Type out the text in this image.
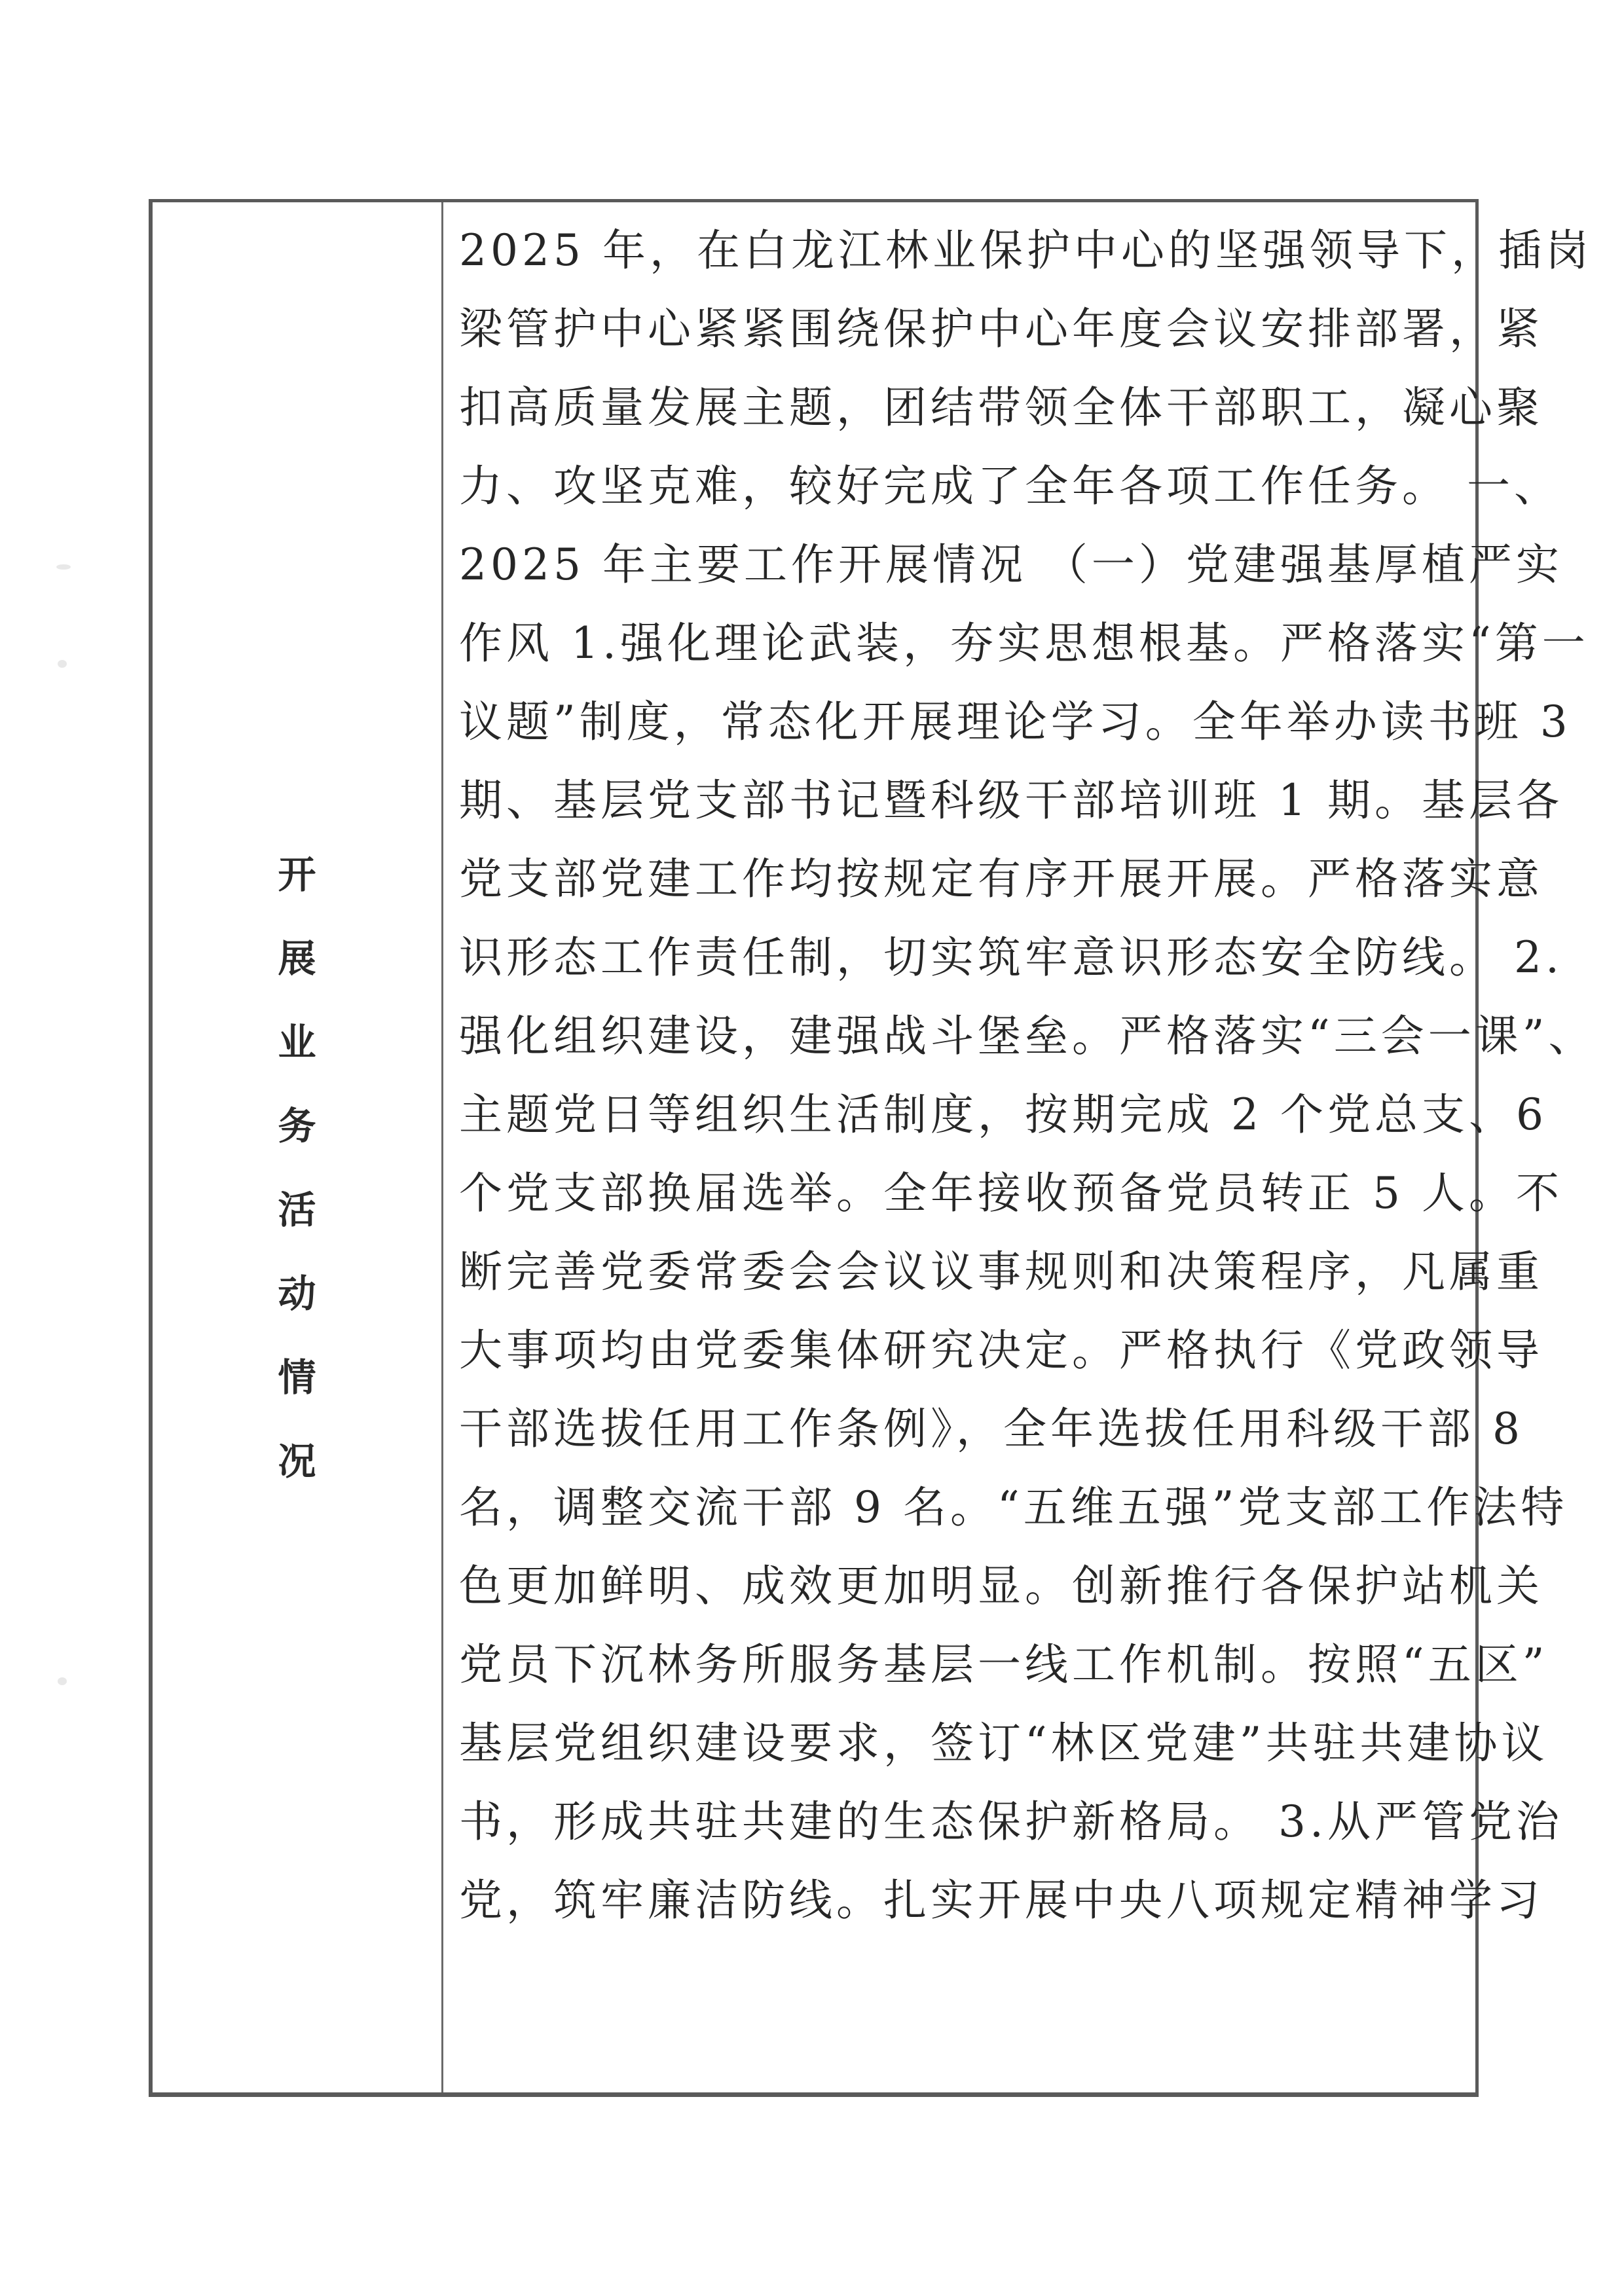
开
展
业
务
活
动
情
况

2025 年，在白龙江林业保护中心的坚强领导下，插岗
梁管护中心紧紧围绕保护中心年度会议安排部署，紧
扣高质量发展主题，团结带领全体干部职工，凝心聚
力、攻坚克难，较好完成了全年各项工作任务。 一、
2025 年主要工作开展情况 （一）党建强基厚植严实
作风 1.强化理论武装，夯实思想根基。严格落实“第一
议题”制度，常态化开展理论学习。全年举办读书班 3
期、基层党支部书记暨科级干部培训班 1 期。基层各
党支部党建工作均按规定有序开展开展。严格落实意
识形态工作责任制，切实筑牢意识形态安全防线。 2.
强化组织建设，建强战斗堡垒。严格落实“三会一课”、
主题党日等组织生活制度，按期完成 2 个党总支、6
个党支部换届选举。全年接收预备党员转正 5 人。不
断完善党委常委会会议议事规则和决策程序，凡属重
大事项均由党委集体研究决定。严格执行《党政领导
干部选拔任用工作条例》，全年选拔任用科级干部 8
名，调整交流干部 9 名。“五维五强”党支部工作法特
色更加鲜明、成效更加明显。创新推行各保护站机关
党员下沉林务所服务基层一线工作机制。按照“五区”
基层党组织建设要求，签订“林区党建”共驻共建协议
书，形成共驻共建的生态保护新格局。 3.从严管党治
党，筑牢廉洁防线。扎实开展中央八项规定精神学习
